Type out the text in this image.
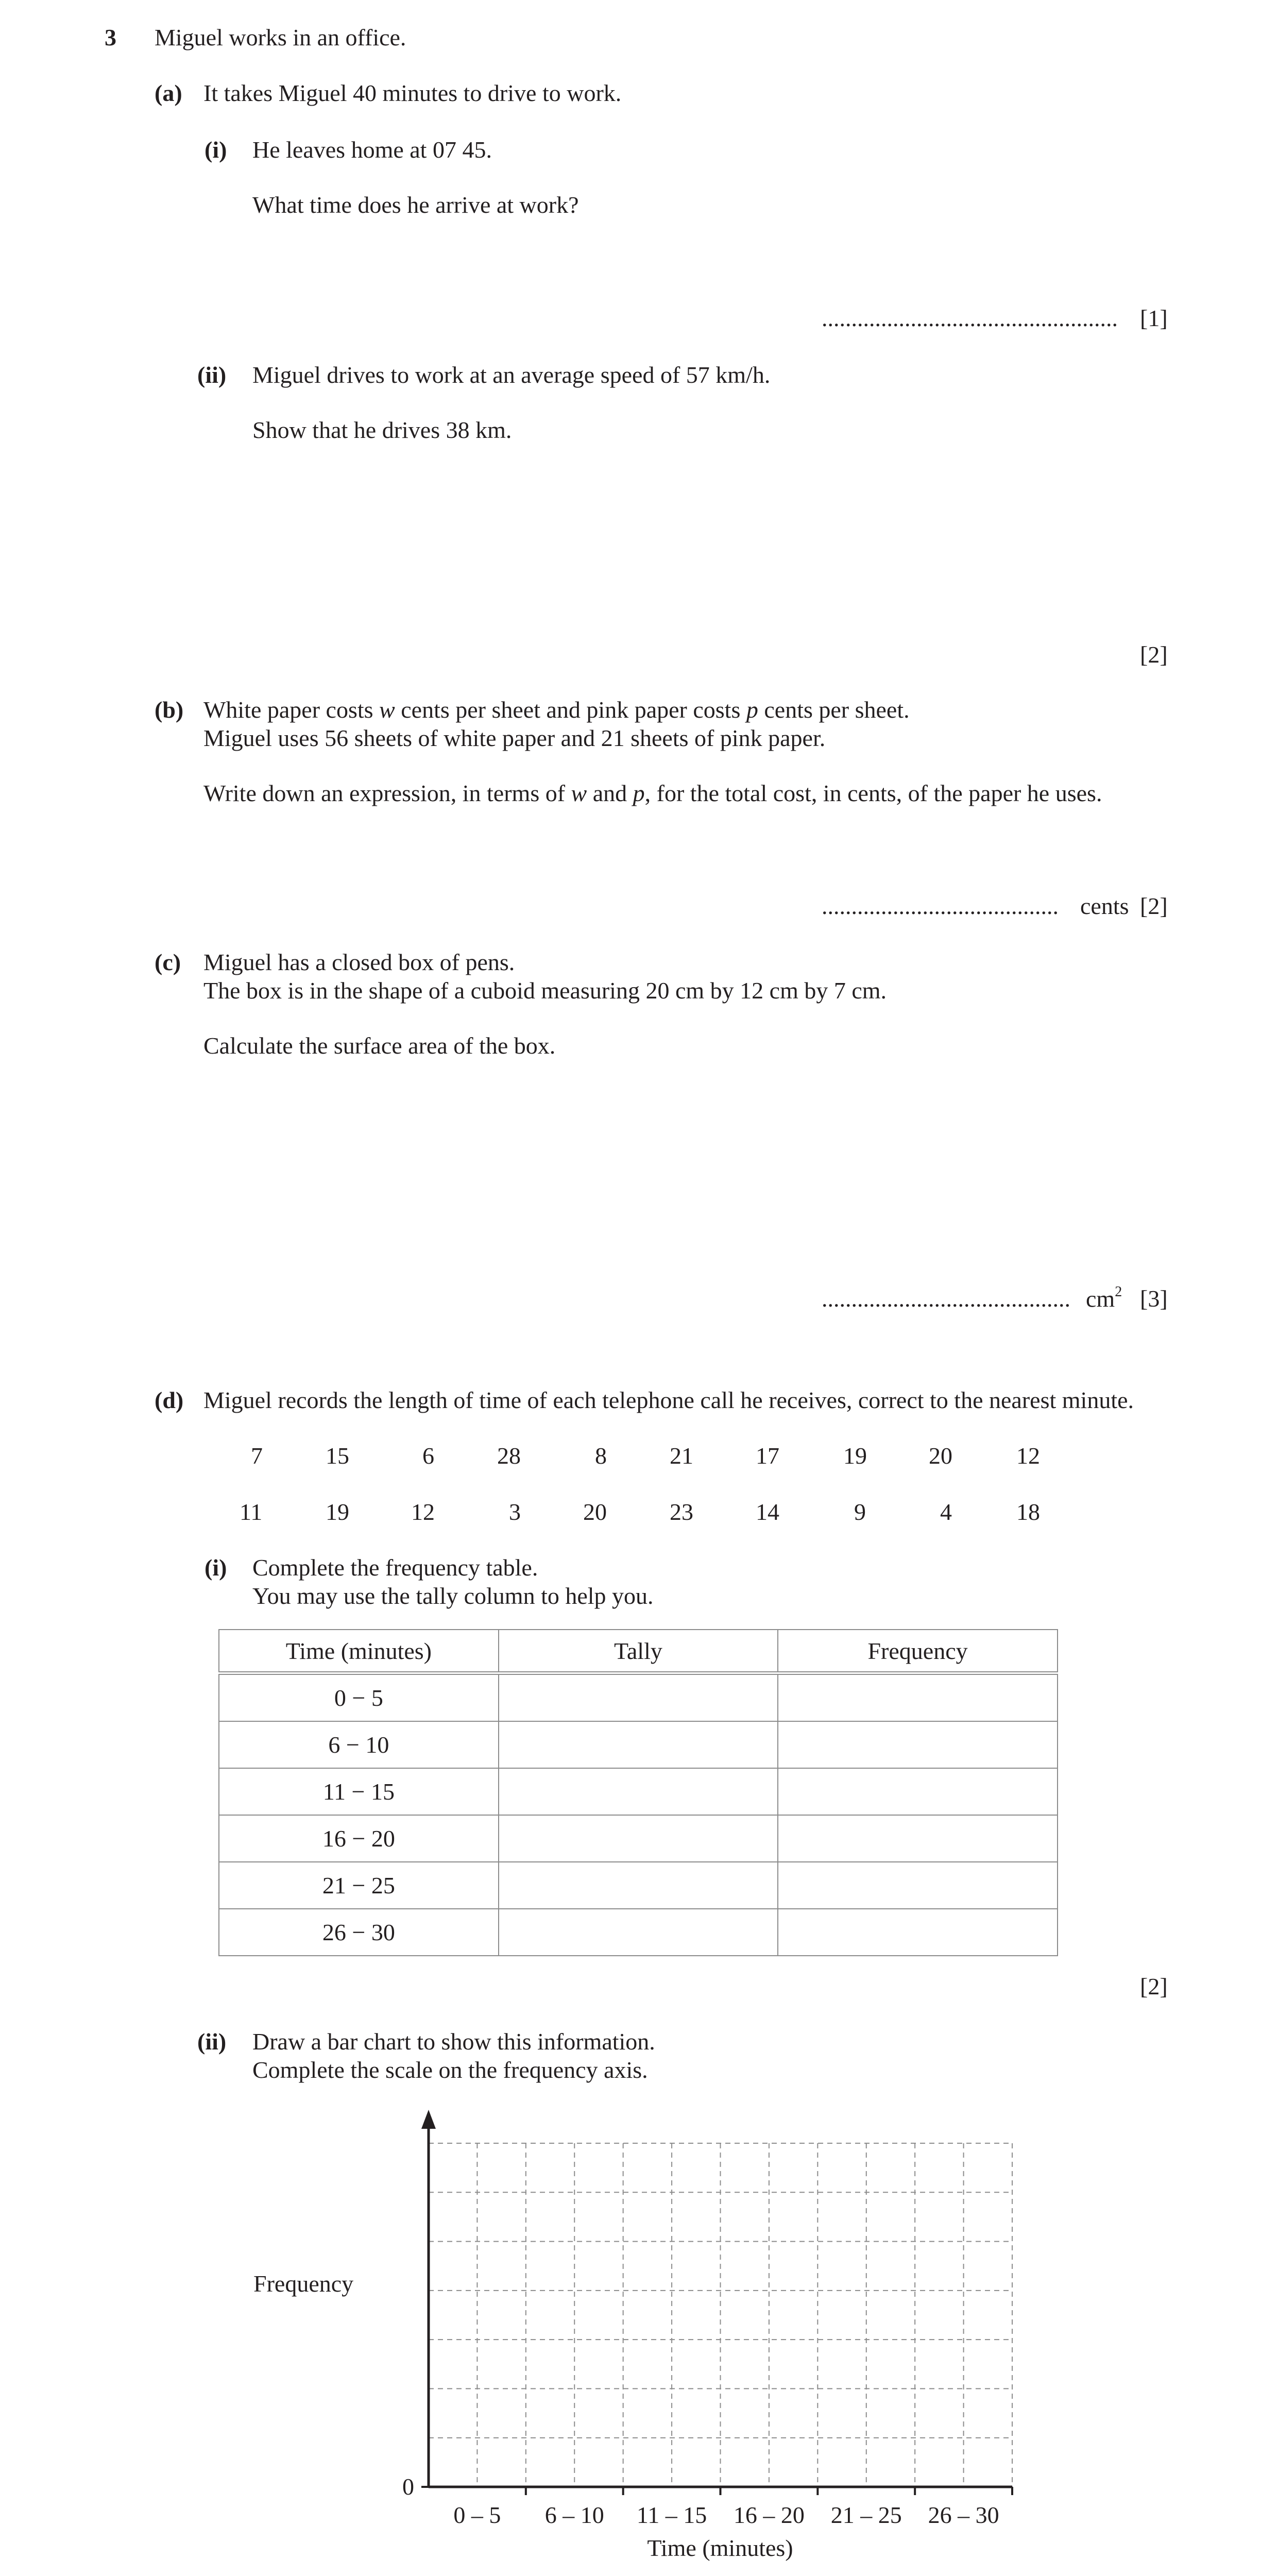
3 Miguel works in an office.
(a) It takes Miguel 40 minutes to drive to work.
(i) He leaves home at 07 45.
What time does he arrive at work?
.................................................. [1]
(ii) Miguel drives to work at an average speed of 57 km/h.
Show that he drives 38 km.
[2]
(b) White paper costs w cents per sheet and pink paper costs p cents per sheet.
Miguel uses 56 sheets of white paper and 21 sheets of pink paper.
Write down an expression, in terms of w and p, for the total cost, in cents, of the paper he uses.
........................................ cents [2]
(c) Miguel has a closed box of pens.
The box is in the shape of a cuboid measuring 20 cm by 12 cm by 7 cm.
Calculate the surface area of the box.
.......................................... $cm^2$ [3]
(d) Miguel records the length of time of each telephone call he receives, correct to the nearest minute.
7	15	6	28	8	21	17	19	20	12
11	19	12	3	20	23	14	9	4	18
(i) Complete the frequency table.
You may use the tally column to help you.
Time (minutes)	Tally	Frequency
0 − 5		
6 − 10		
11 − 15		
16 − 20		
21 − 25		
26 − 30		
[2]
(ii) Draw a bar chart to show this information.
Complete the scale on the frequency axis.
0
Frequency
Time (minutes)
0 – 5 6 – 10 11 – 15 16 – 20 21 – 25 26 – 30
